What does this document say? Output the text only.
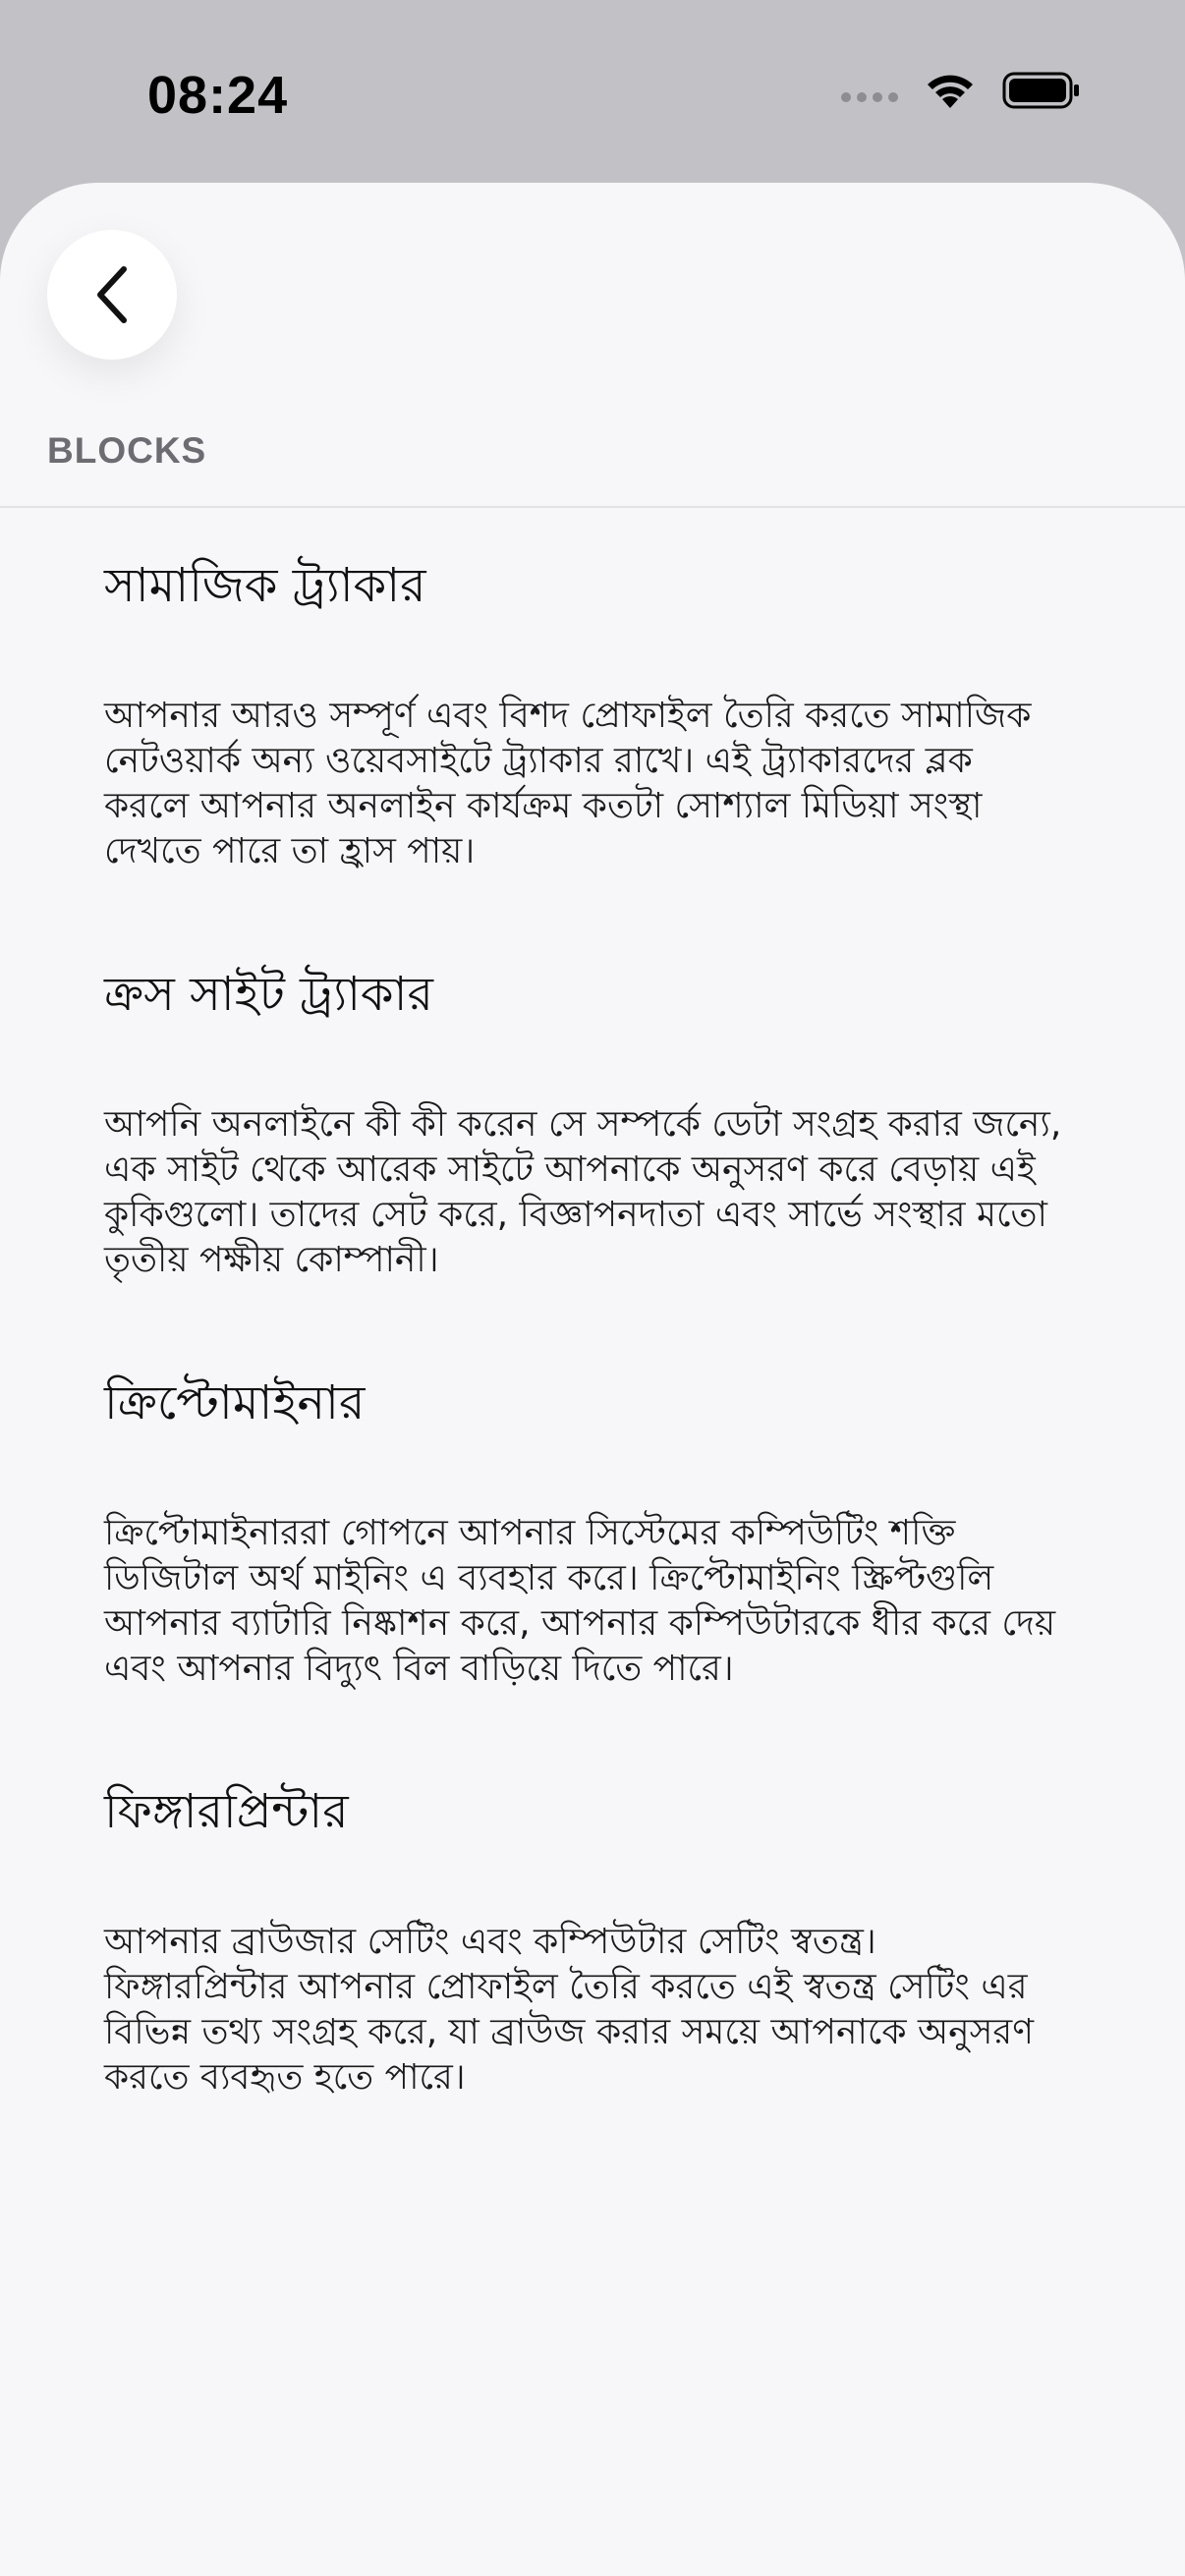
08:24
BLOCKS
সামাজিক ট্র্যাকার

আপনার আরও সম্পূর্ণ এবং বিশদ প্রোফাইল তৈরি করতে সামাজিক নেটওয়ার্ক অন্য ওয়েবসাইটে ট্র্যাকার রাখে। এই ট্র্যাকারদের ব্লক করলে আপনার অনলাইন কার্যক্রম কতটা সোশ্যাল মিডিয়া সংস্থা দেখতে পারে তা হ্রাস পায়।

ক্রস সাইট ট্র্যাকার

আপনি অনলাইনে কী কী করেন সে সম্পর্কে ডেটা সংগ্রহ করার জন্যে, এক সাইট থেকে আরেক সাইটে আপনাকে অনুসরণ করে বেড়ায় এই কুকিগুলো। তাদের সেট করে, বিজ্ঞাপনদাতা এবং সার্ভে সংস্থার মতো তৃতীয় পক্ষীয় কোম্পানী।

ক্রিপ্টোমাইনার

ক্রিপ্টোমাইনাররা গোপনে আপনার সিস্টেমের কম্পিউটিং শক্তি ডিজিটাল অর্থ মাইনিং এ ব্যবহার করে। ক্রিপ্টোমাইনিং স্ক্রিপ্টগুলি আপনার ব্যাটারি নিষ্কাশন করে, আপনার কম্পিউটারকে ধীর করে দেয় এবং আপনার বিদ্যুৎ বিল বাড়িয়ে দিতে পারে।

ফিঙ্গারপ্রিন্টার

আপনার ব্রাউজার সেটিং এবং কম্পিউটার সেটিং স্বতন্ত্র। ফিঙ্গারপ্রিন্টার আপনার প্রোফাইল তৈরি করতে এই স্বতন্ত্র সেটিং এর বিভিন্ন তথ্য সংগ্রহ করে, যা ব্রাউজ করার সময়ে আপনাকে অনুসরণ করতে ব্যবহৃত হতে পারে।
